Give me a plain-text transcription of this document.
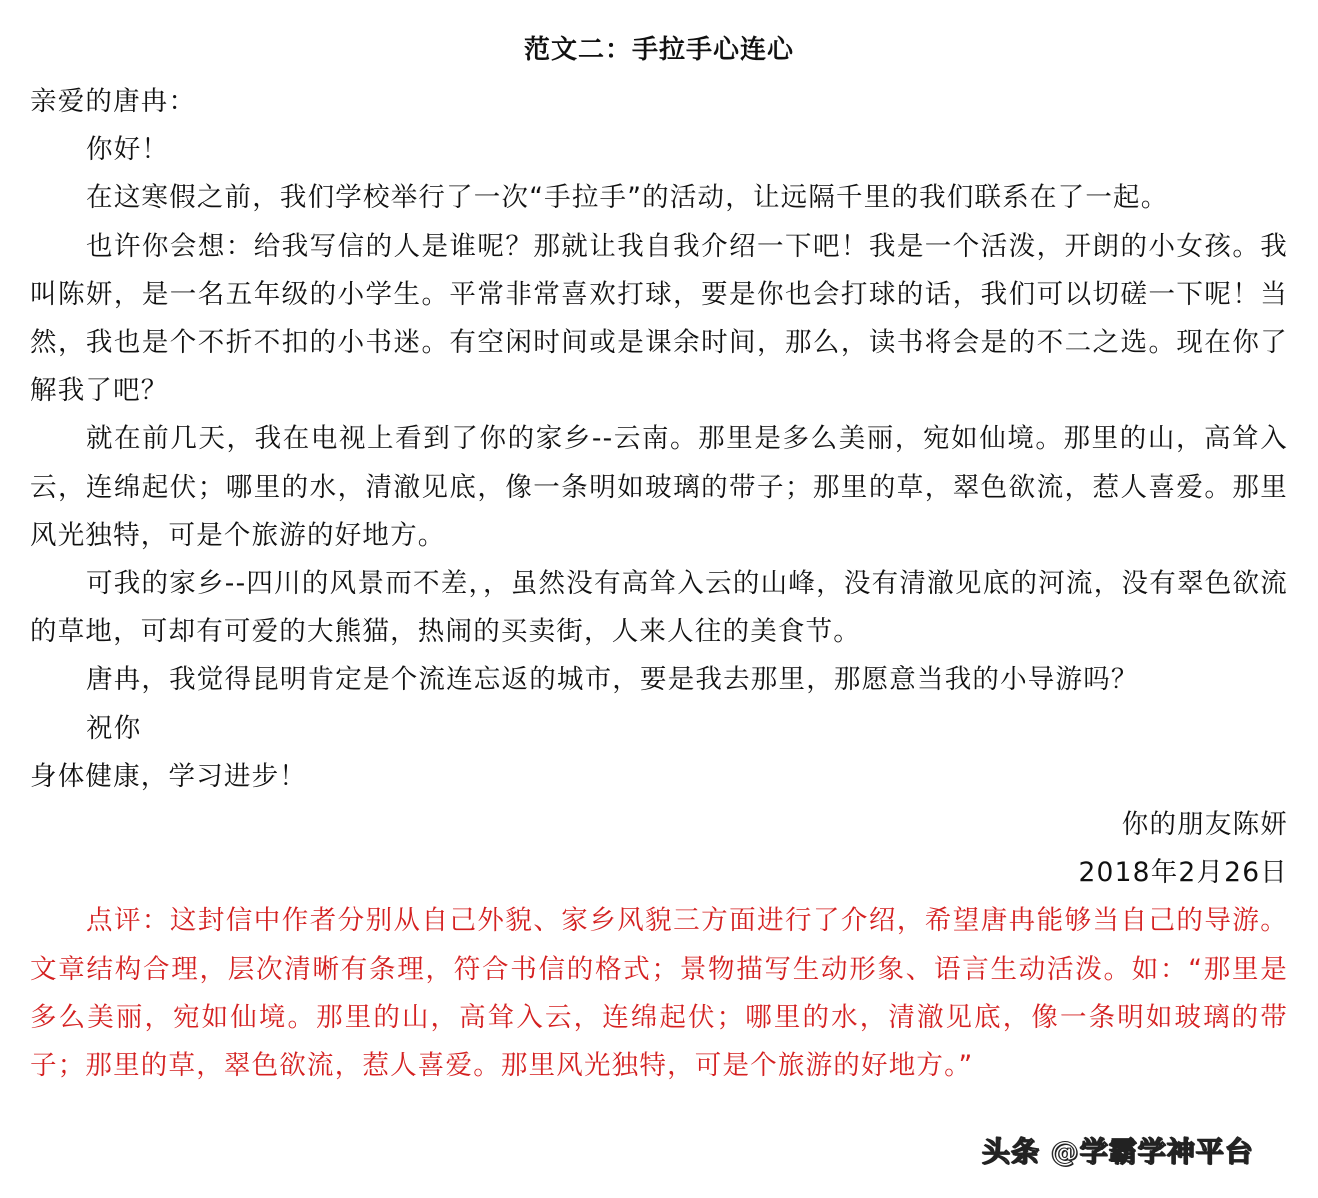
范文二：手拉手心连心

亲爱的唐冉：

你好！

在这寒假之前，我们学校举行了一次“手拉手”的活动，让远隔千里的我们联系在了一起。

也许你会想：给我写信的人是谁呢？那就让我自我介绍一下吧！我是一个活泼，开朗的小女孩。我叫陈妍，是一名五年级的小学生。平常非常喜欢打球，要是你也会打球的话，我们可以切磋一下呢！当然，我也是个不折不扣的小书迷。有空闲时间或是课余时间，那么，读书将会是的不二之选。现在你了解我了吧？

就在前几天，我在电视上看到了你的家乡--云南。那里是多么美丽，宛如仙境。那里的山，高耸入云，连绵起伏；哪里的水，清澈见底，像一条明如玻璃的带子；那里的草，翠色欲流，惹人喜爱。那里风光独特，可是个旅游的好地方。

可我的家乡--四川的风景而不差，，虽然没有高耸入云的山峰，没有清澈见底的河流，没有翠色欲流的草地，可却有可爱的大熊猫，热闹的买卖街，人来人往的美食节。

唐冉，我觉得昆明肯定是个流连忘返的城市，要是我去那里，那愿意当我的小导游吗？

祝你

身体健康，学习进步！

你的朋友陈妍

2018年2月26日

点评：这封信中作者分别从自己外貌、家乡风貌三方面进行了介绍，希望唐冉能够当自己的导游。文章结构合理，层次清晰有条理，符合书信的格式；景物描写生动形象、语言生动活泼。如：“那里是多么美丽，宛如仙境。那里的山，高耸入云，连绵起伏；哪里的水，清澈见底，像一条明如玻璃的带子；那里的草，翠色欲流，惹人喜爱。那里风光独特，可是个旅游的好地方。”

头条 @学霸学神平台
